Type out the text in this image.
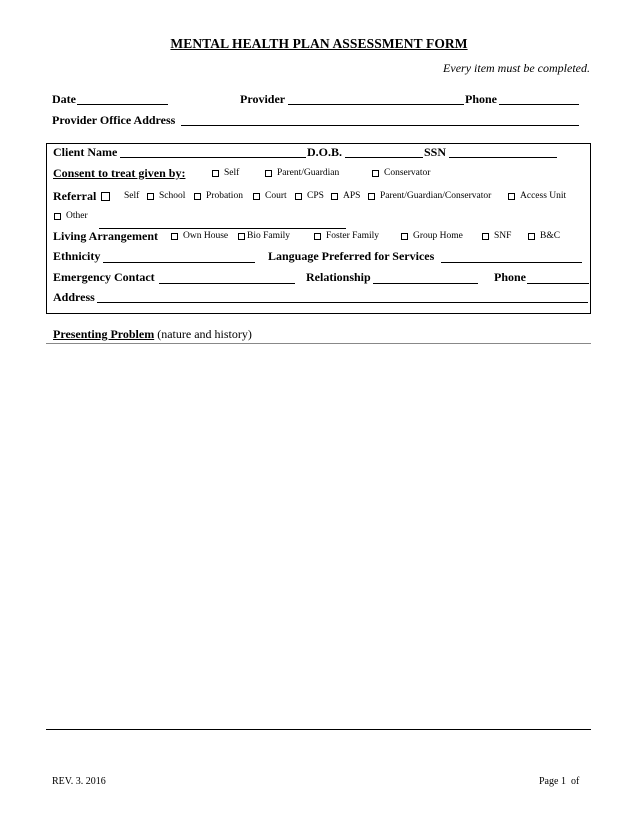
MENTAL HEALTH PLAN ASSESSMENT FORM
Every item must be completed.
Date	Provider	Phone
Provider Office Address
Client Name	D.O.B.	SSN
Consent to treat given by:	Self	Parent/Guardian	Conservator
Referral	Self School Probation Court CPS APS Parent/Guardian/Conservator	Access Unit
Other
Living Arrangement	Own House Bio Family	Foster Family	Group Home	SNF	B&C
Ethnicity	Language Preferred for Services
Emergency Contact	Relationship	Phone
Address
Presenting Problem (nature and history)
REV. 3. 2016	Page 1  of
